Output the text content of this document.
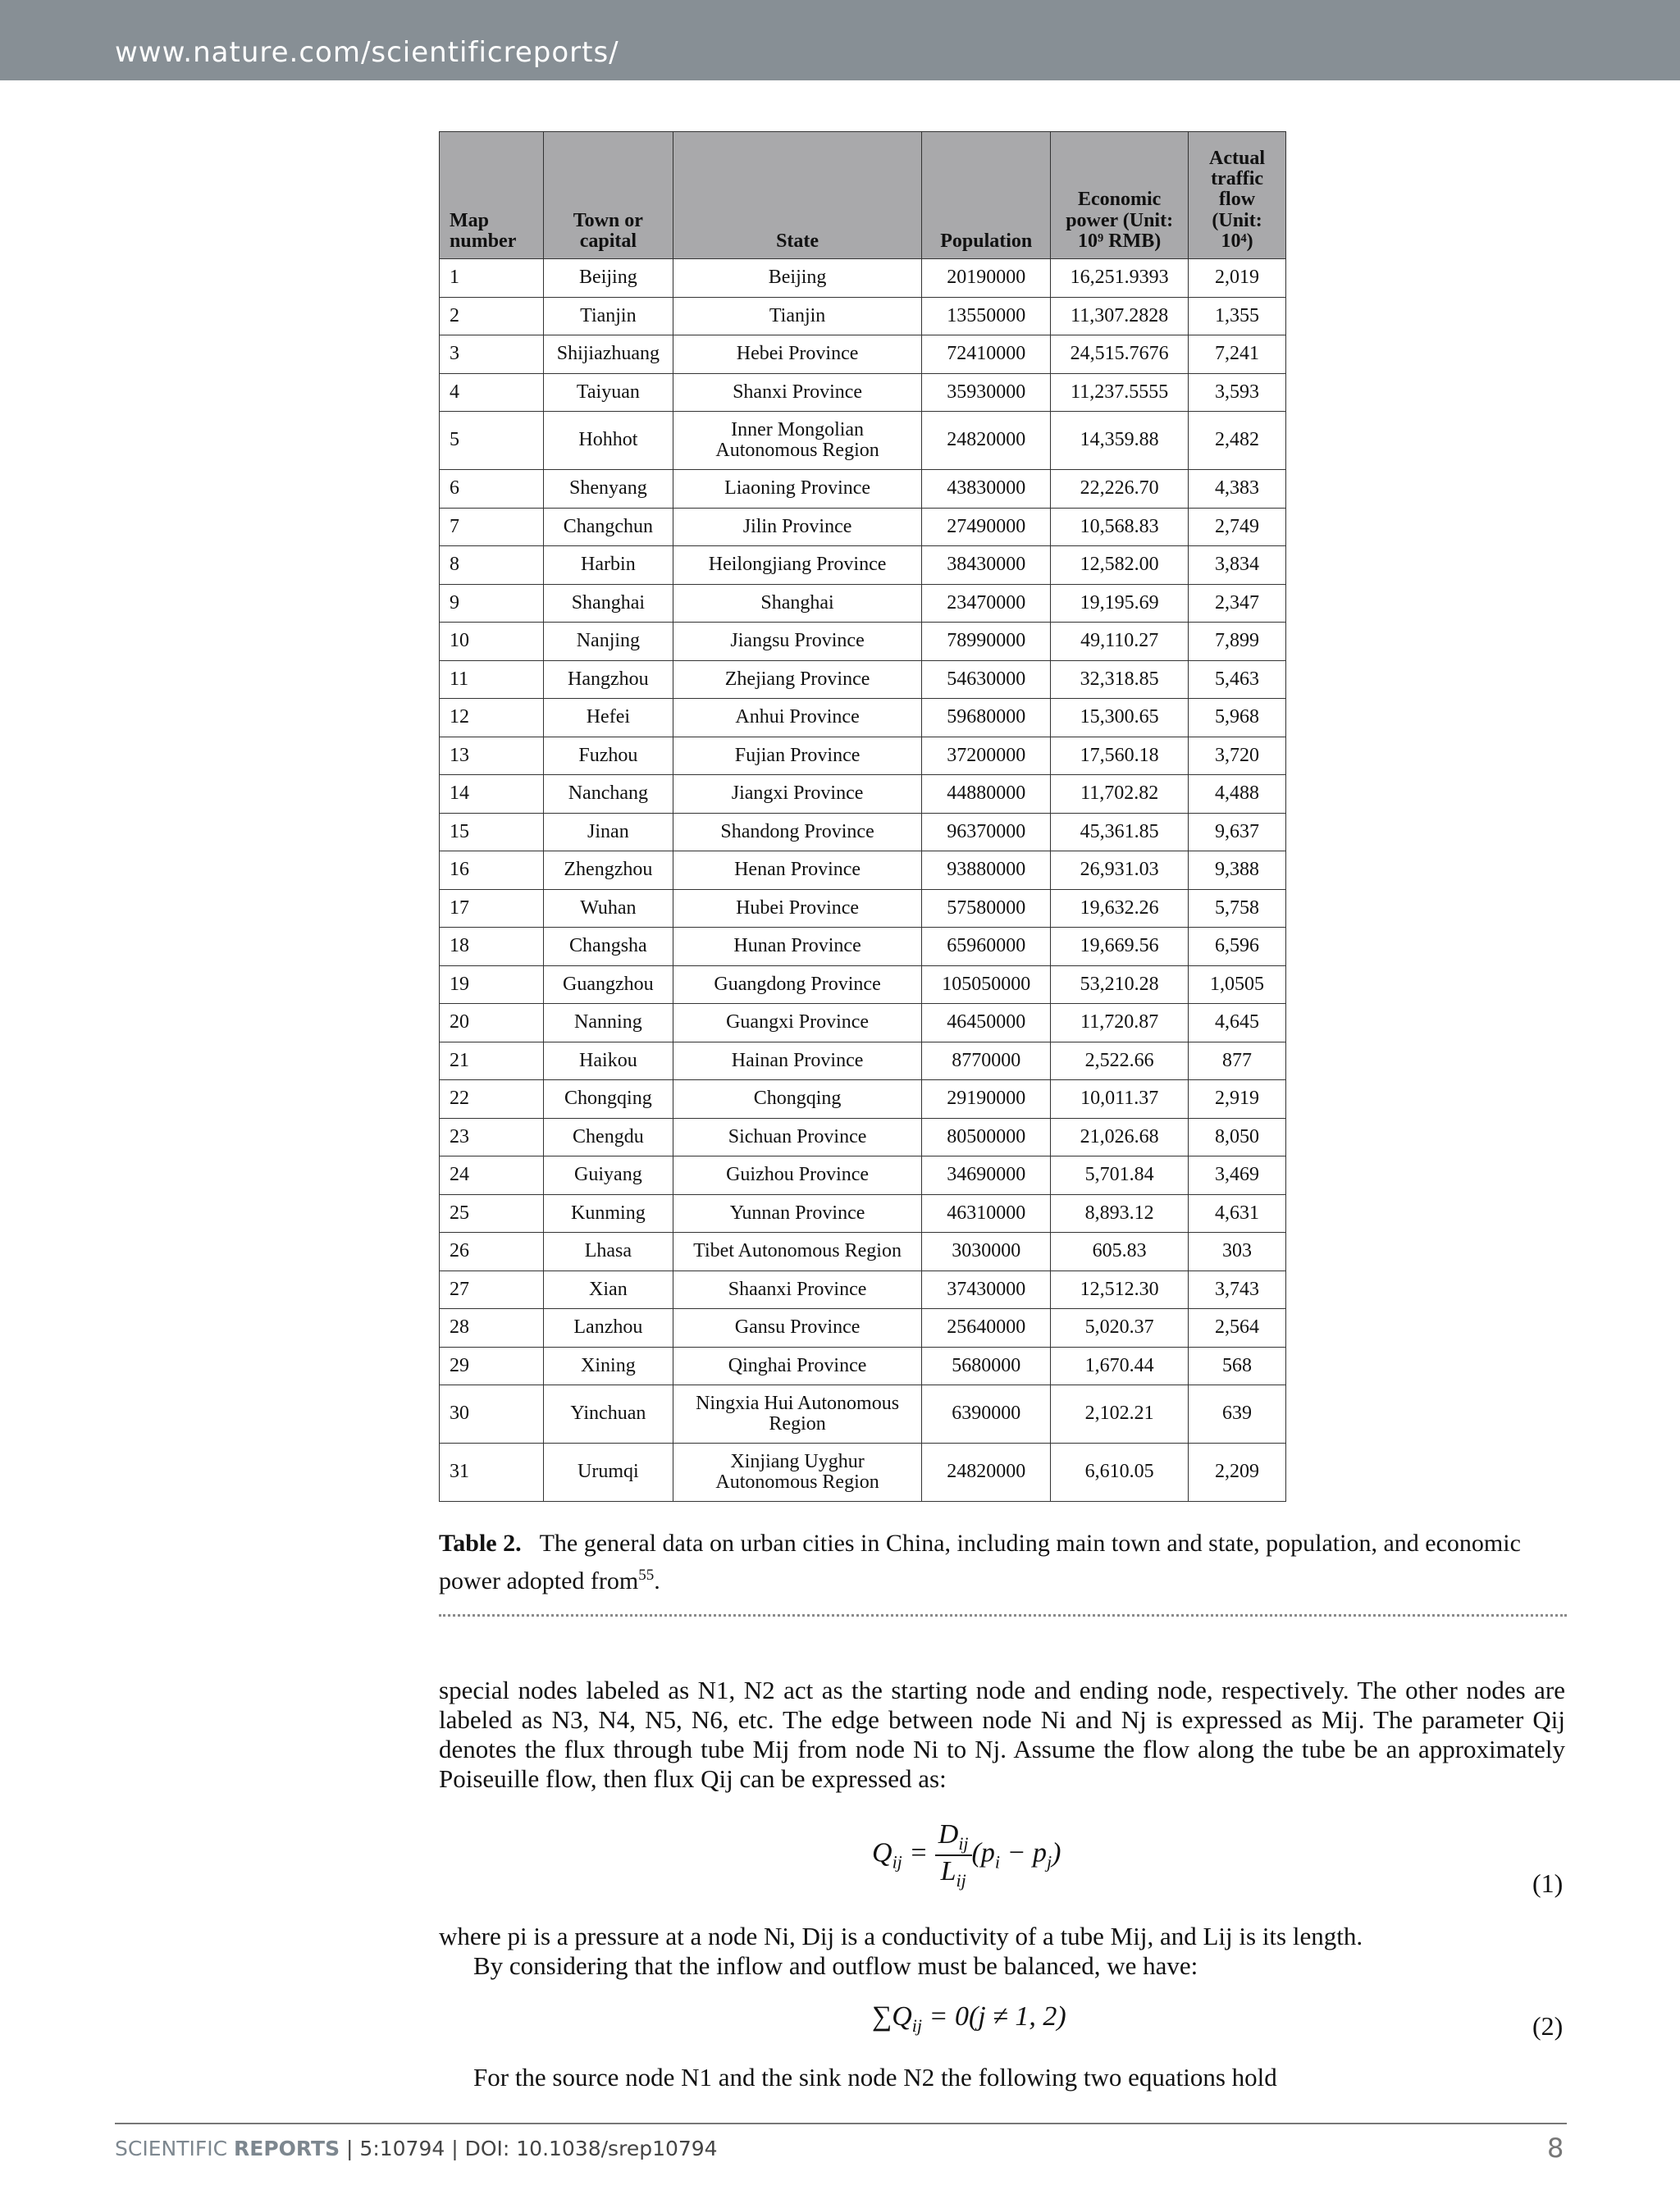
www.nature.com/scientificreports/
Map number	Town or capital	State	Population	Economic power (Unit: 10⁹ RMB)	Actual traffic flow (Unit: 10⁴)
1	Beijing	Beijing	20190000	16,251.9393	2,019
2	Tianjin	Tianjin	13550000	11,307.2828	1,355
3	Shijiazhuang	Hebei Province	72410000	24,515.7676	7,241
4	Taiyuan	Shanxi Province	35930000	11,237.5555	3,593
5	Hohhot	Inner Mongolian Autonomous Region	24820000	14,359.88	2,482
6	Shenyang	Liaoning Province	43830000	22,226.70	4,383
7	Changchun	Jilin Province	27490000	10,568.83	2,749
8	Harbin	Heilongjiang Province	38430000	12,582.00	3,834
9	Shanghai	Shanghai	23470000	19,195.69	2,347
10	Nanjing	Jiangsu Province	78990000	49,110.27	7,899
11	Hangzhou	Zhejiang Province	54630000	32,318.85	5,463
12	Hefei	Anhui Province	59680000	15,300.65	5,968
13	Fuzhou	Fujian Province	37200000	17,560.18	3,720
14	Nanchang	Jiangxi Province	44880000	11,702.82	4,488
15	Jinan	Shandong Province	96370000	45,361.85	9,637
16	Zhengzhou	Henan Province	93880000	26,931.03	9,388
17	Wuhan	Hubei Province	57580000	19,632.26	5,758
18	Changsha	Hunan Province	65960000	19,669.56	6,596
19	Guangzhou	Guangdong Province	105050000	53,210.28	1,0505
20	Nanning	Guangxi Province	46450000	11,720.87	4,645
21	Haikou	Hainan Province	8770000	2,522.66	877
22	Chongqing	Chongqing	29190000	10,011.37	2,919
23	Chengdu	Sichuan Province	80500000	21,026.68	8,050
24	Guiyang	Guizhou Province	34690000	5,701.84	3,469
25	Kunming	Yunnan Province	46310000	8,893.12	4,631
26	Lhasa	Tibet Autonomous Region	3030000	605.83	303
27	Xian	Shaanxi Province	37430000	12,512.30	3,743
28	Lanzhou	Gansu Province	25640000	5,020.37	2,564
29	Xining	Qinghai Province	5680000	1,670.44	568
30	Yinchuan	Ningxia Hui Autonomous Region	6390000	2,102.21	639
31	Urumqi	Xinjiang Uyghur Autonomous Region	24820000	6,610.05	2,209
Table 2. The general data on urban cities in China, including main town and state, population, and economic power adopted from$^{55}$.
special nodes labeled as N1, N2 act as the starting node and ending node, respectively. The other nodes are labeled as N3, N4, N5, N6, etc. The edge between node Ni and Nj is expressed as Mij. The parameter Qij denotes the flux through tube Mij from node Ni to Nj. Assume the flow along the tube be an approximately Poiseuille flow, then flux Qij can be expressed as:
$Q_{ij} = \frac{D_{ij}}{L_{ij}} (p_i - p_j)$
(1)
where pi is a pressure at a node Ni, Dij is a conductivity of a tube Mij, and Lij is its length.
By considering that the inflow and outflow must be balanced, we have:
$\sum Q_{ij} = 0(j \ne 1$, 2)	(2)
For the source node N1 and the sink node N2 the following two equations hold
SCIENTIFIC REPORTS | 5:10794 | DOI: 10.1038/srep10794	8
